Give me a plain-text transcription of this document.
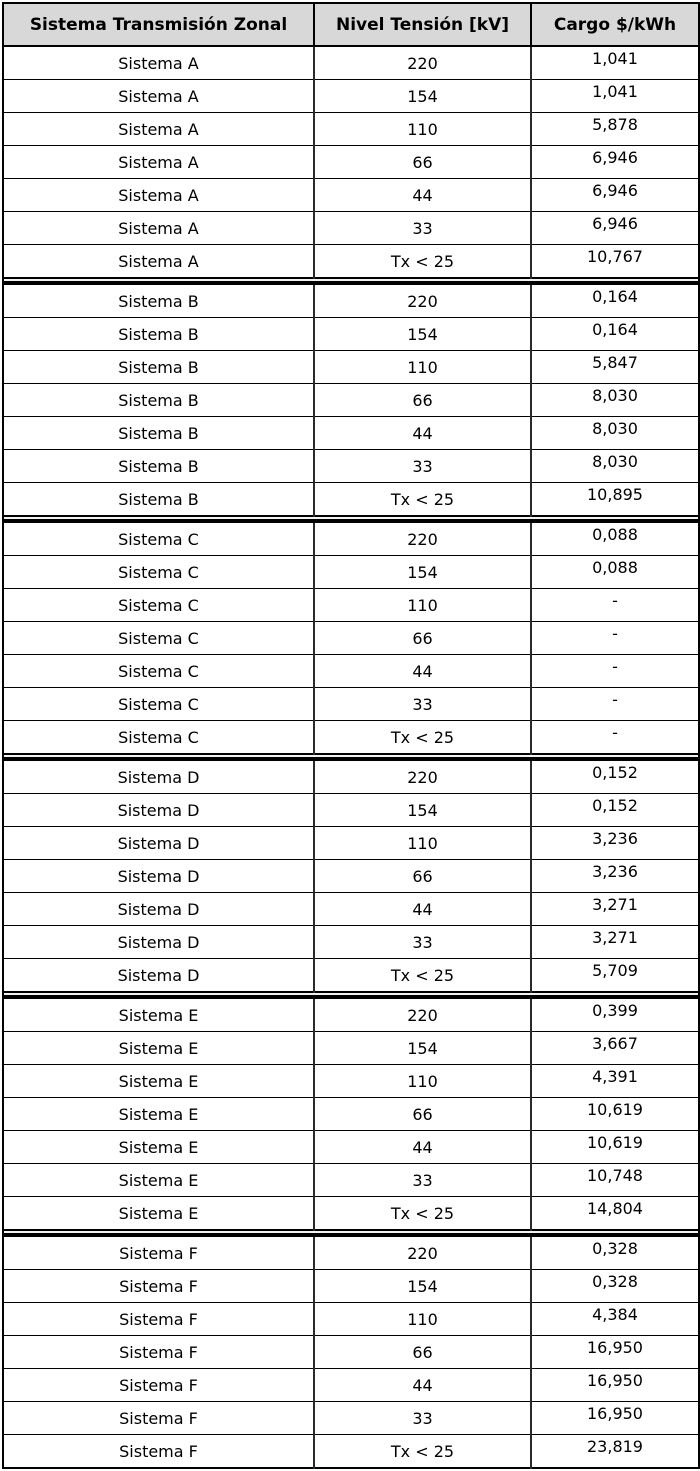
Sistema Transmisión Zonal	Nivel Tensión [kV]	Cargo $/kWh
Sistema A	220	1,041
Sistema A	154	1,041
Sistema A	110	5,878
Sistema A	66	6,946
Sistema A	44	6,946
Sistema A	33	6,946
Sistema A	Tx < 25	10,767

Sistema B	220	0,164
Sistema B	154	0,164
Sistema B	110	5,847
Sistema B	66	8,030
Sistema B	44	8,030
Sistema B	33	8,030
Sistema B	Tx < 25	10,895

Sistema C	220	0,088
Sistema C	154	0,088
Sistema C	110	-
Sistema C	66	-
Sistema C	44	-
Sistema C	33	-
Sistema C	Tx < 25	-

Sistema D	220	0,152
Sistema D	154	0,152
Sistema D	110	3,236
Sistema D	66	3,236
Sistema D	44	3,271
Sistema D	33	3,271
Sistema D	Tx < 25	5,709

Sistema E	220	0,399
Sistema E	154	3,667
Sistema E	110	4,391
Sistema E	66	10,619
Sistema E	44	10,619
Sistema E	33	10,748
Sistema E	Tx < 25	14,804

Sistema F	220	0,328
Sistema F	154	0,328
Sistema F	110	4,384
Sistema F	66	16,950
Sistema F	44	16,950
Sistema F	33	16,950
Sistema F	Tx < 25	23,819
